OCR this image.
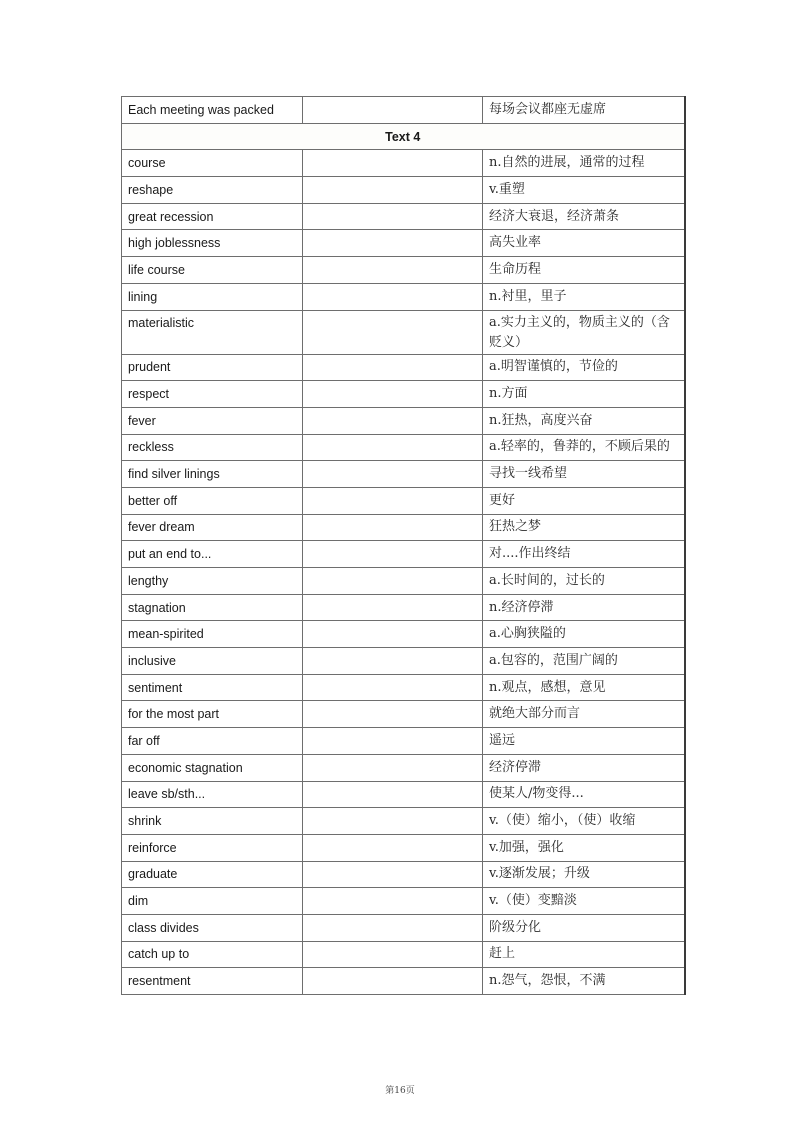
Each meeting was packed		每场会议都座无虚席
Text 4		
course		n.自然的进展，通常的过程
reshape		v.重塑
great recession		经济大衰退，经济萧条
high joblessness		高失业率
life course		生命历程
lining		n.衬里，里子
materialistic		a.实力主义的，物质主义的（含贬义）
prudent		a.明智谨慎的，节俭的
respect		n.方面
fever		n.狂热，高度兴奋
reckless		a.轻率的，鲁莽的，不顾后果的
find silver linings		寻找一线希望
better off		更好
fever dream		狂热之梦
put an end to...		对....作出终结
lengthy		a.长时间的，过长的
stagnation		n.经济停滞
mean-spirited		a.心胸狭隘的
inclusive		a.包容的，范围广阔的
sentiment		n.观点，感想，意见
for the most part		就绝大部分而言
far off		遥远
economic stagnation		经济停滞
leave sb/sth...		使某人/物变得...
shrink		v.（使）缩小，（使）收缩
reinforce		v.加强，强化
graduate		v.逐渐发展；升级
dim		v.（使）变黯淡
class divides		阶级分化
catch up to		赶上
resentment		n.怨气，怨恨，不满
第16页
